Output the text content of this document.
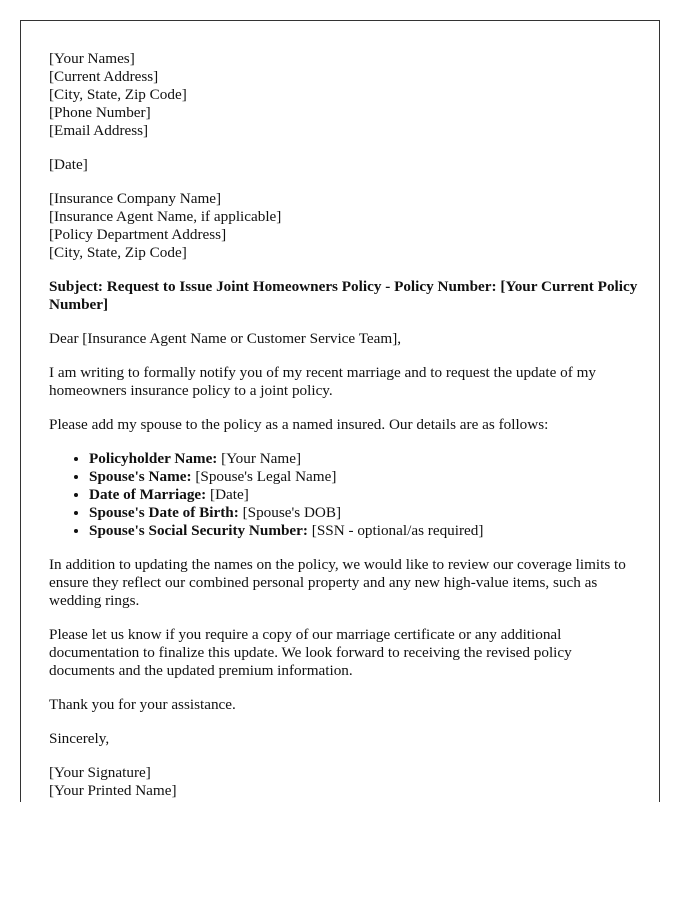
[Your Names]
[Current Address]
[City, State, Zip Code]
[Phone Number]
[Email Address]
[Date]
[Insurance Company Name]
[Insurance Agent Name, if applicable]
[Policy Department Address]
[City, State, Zip Code]

Subject: Request to Issue Joint Homeowners Policy - Policy Number: [Your Current Policy Number]

Dear [Insurance Agent Name or Customer Service Team],

I am writing to formally notify you of my recent marriage and to request the update of my homeowners insurance policy to a joint policy.

Please add my spouse to the policy as a named insured. Our details are as follows:

• Policyholder Name: [Your Name]
• Spouse's Name: [Spouse's Legal Name]
• Date of Marriage: [Date]
• Spouse's Date of Birth: [Spouse's DOB]
• Spouse's Social Security Number: [SSN - optional/as required]

In addition to updating the names on the policy, we would like to review our coverage limits to ensure they reflect our combined personal property and any new high-value items, such as wedding rings.

Please let us know if you require a copy of our marriage certificate or any additional documentation to finalize this update. We look forward to receiving the revised policy documents and the updated premium information.

Thank you for your assistance.

Sincerely,

[Your Signature]
[Your Printed Name]
